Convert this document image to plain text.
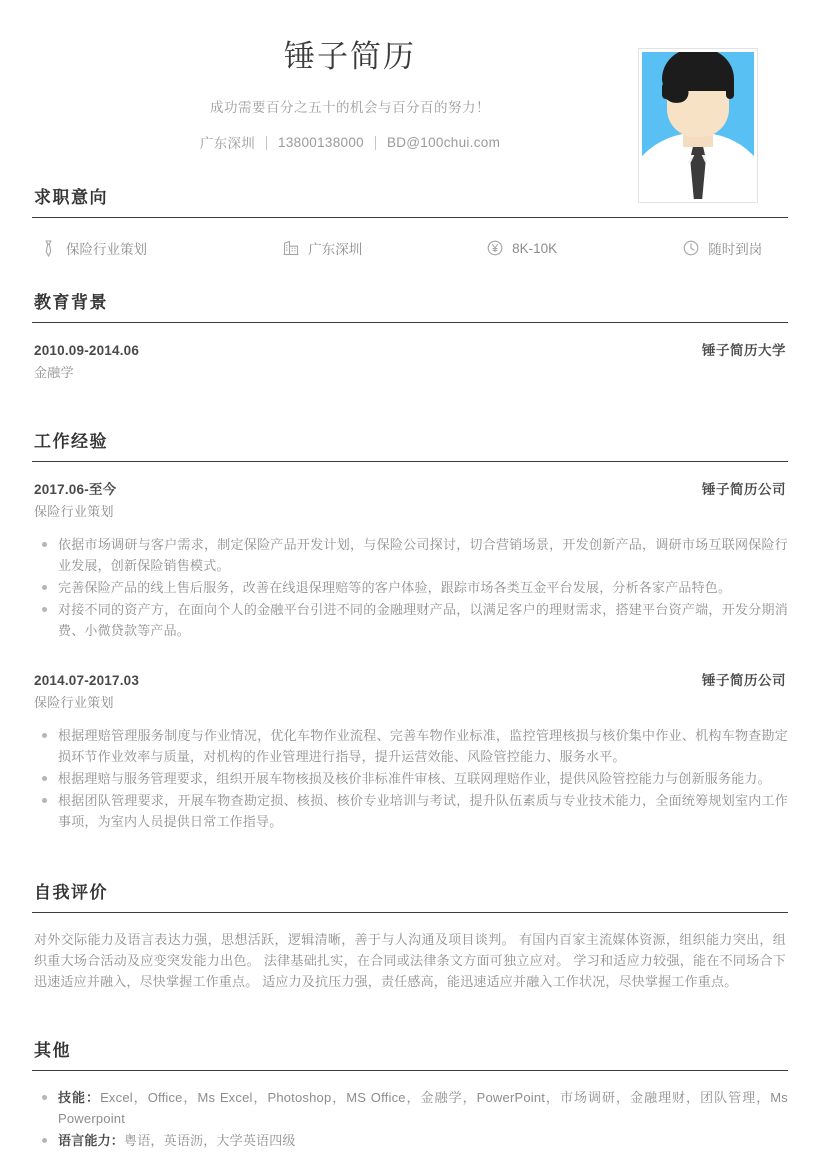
锤子简历
成功需要百分之五十的机会与百分百的努力！
广东深圳 13800138000 BD@100chui.com
求职意向
保险行业策划	广东深圳	8K-10K	随时到岗
教育背景
2010.09-2014.06	锤子简历大学
金融学
工作经验
2017.06-至今	锤子简历公司
保险行业策划
依据市场调研与客户需求，制定保险产品开发计划，与保险公司探讨，切合营销场景，开发创新产品，调研市场互联网保险行业发展，创新保险销售模式。
完善保险产品的线上售后服务，改善在线退保理赔等的客户体验，跟踪市场各类互金平台发展，分析各家产品特色。
对接不同的资产方，在面向个人的金融平台引进不同的金融理财产品，以满足客户的理财需求，搭建平台资产端，开发分期消费、小微贷款等产品。
2014.07-2017.03	锤子简历公司
保险行业策划
根据理赔管理服务制度与作业情况，优化车物作业流程、完善车物作业标准，监控管理核损与核价集中作业、机构车物查勘定损环节作业效率与质量，对机构的作业管理进行指导，提升运营效能、风险管控能力、服务水平。
根据理赔与服务管理要求，组织开展车物核损及核价非标准件审核、互联网理赔作业，提供风险管控能力与创新服务能力。
根据团队管理要求，开展车物查勘定损、核损、核价专业培训与考试，提升队伍素质与专业技术能力，全面统筹规划室内工作事项，为室内人员提供日常工作指导。
自我评价
对外交际能力及语言表达力强，思想活跃，逻辑清晰，善于与人沟通及项目谈判。 有国内百家主流媒体资源，组织能力突出，组织重大场合活动及应变突发能力出色。 法律基础扎实，在合同或法律条文方面可独立应对。 学习和适应力较强，能在不同场合下迅速适应并融入，尽快掌握工作重点。 适应力及抗压力强，责任感高，能迅速适应并融入工作状况，尽快掌握工作重点。
其他
技能：Excel，Office，Ms Excel，Photoshop，MS Office，金融学，PowerPoint，市场调研，金融理财，团队管理，Ms Powerpoint
语言能力：粤语，英语沥，大学英语四级
